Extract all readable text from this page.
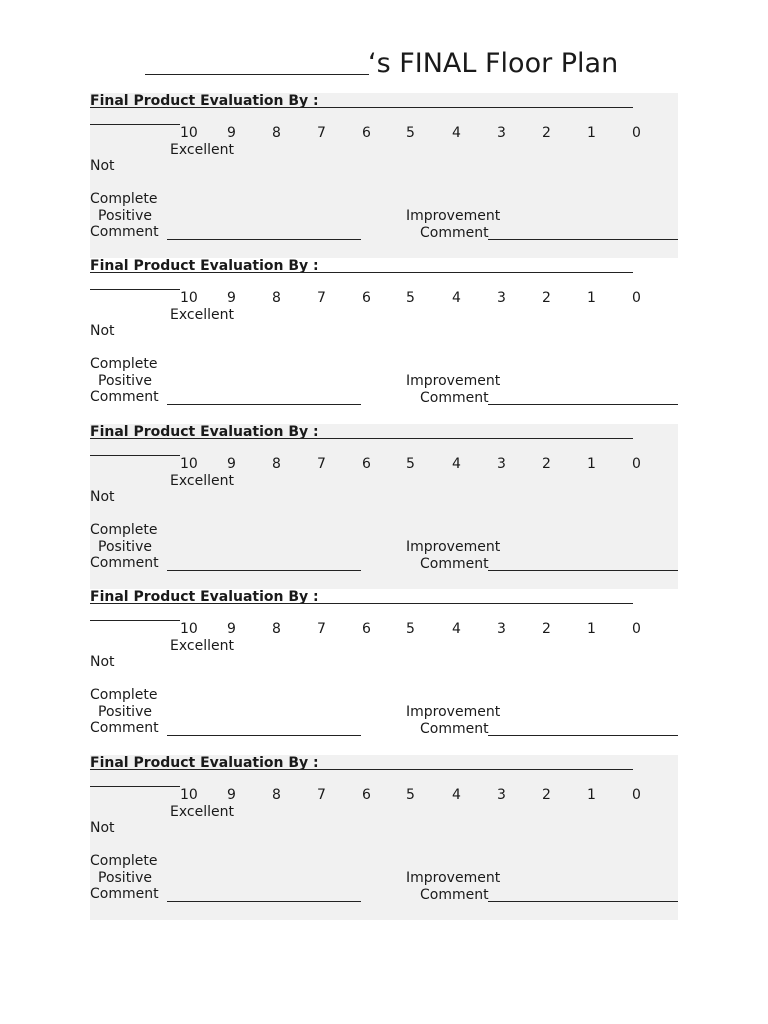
‘s FINAL Floor Plan
Final Product Evaluation By :
10 9	8	7	6	5	4	3	2	1	0
Excellent
Not
Complete
Positive
Comment
Improvement
Comment
Final Product Evaluation By :
10 9	8	7	6	5	4	3	2	1	0
Excellent
Not
Complete
Positive
Comment
Improvement
Comment
Final Product Evaluation By :
10 9	8	7	6	5	4	3	2	1	0
Excellent
Not
Complete
Positive
Comment
Improvement
Comment
Final Product Evaluation By :
10 9	8	7	6	5	4	3	2	1	0
Excellent
Not
Complete
Positive
Comment
Improvement
Comment
Final Product Evaluation By :
10 9	8	7	6	5	4	3	2	1	0
Excellent
Not
Complete
Positive
Comment
Improvement
Comment
